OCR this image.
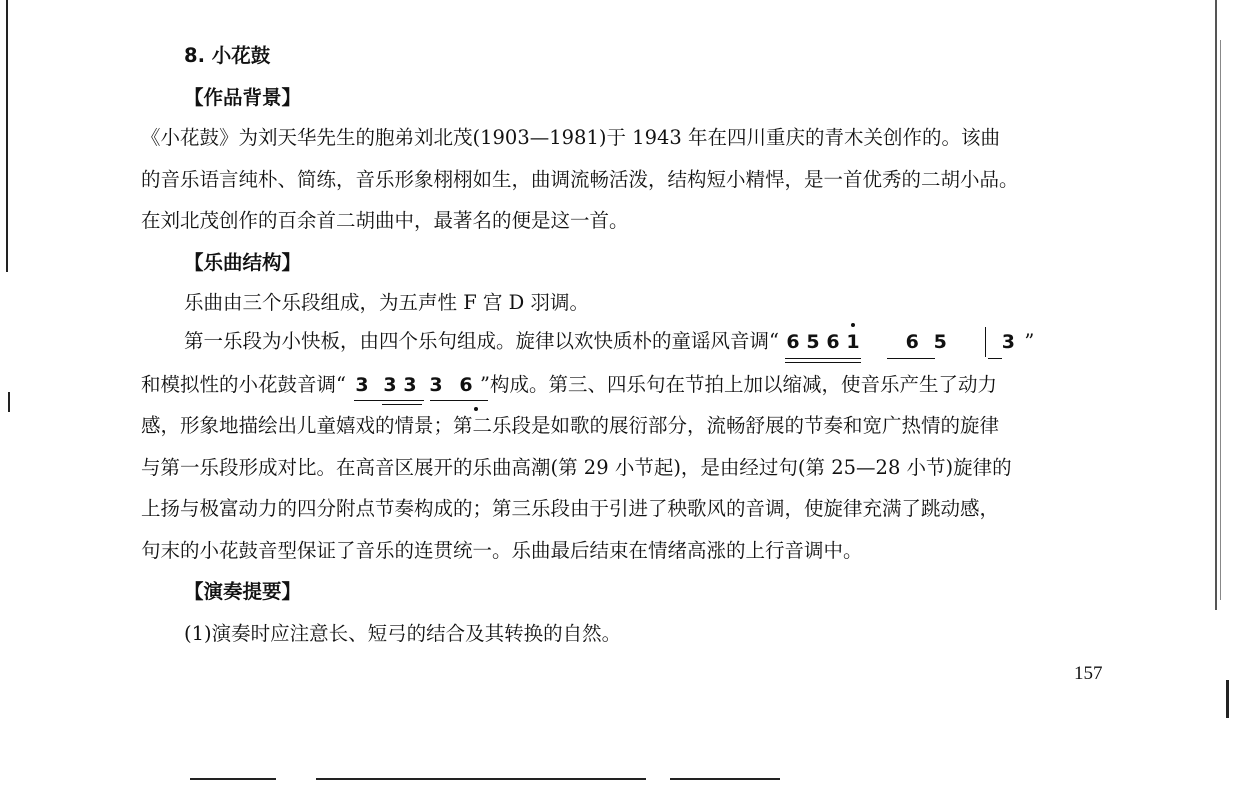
8. 小花鼓
【作品背景】
《小花鼓》为刘天华先生的胞弟刘北茂(1903—1981)于 1943 年在四川重庆的青木关创作的。该曲
的音乐语言纯朴、简练，音乐形象栩栩如生，曲调流畅活泼，结构短小精悍，是一首优秀的二胡小品。
在刘北茂创作的百余首二胡曲中，最著名的便是这一首。
【乐曲结构】
乐曲由三个乐段组成，为五声性 F 宫 D 羽调。
第一乐段为小快板，由四个乐句组成。旋律以欢快质朴的童谣风音调“ 6 5 6 1 6 5	3 ”
和模拟性的小花鼓音调“ 3 3 3 3 6 ”构成。第三、四乐句在节拍上加以缩减，使音乐产生了动力
感，形象地描绘出儿童嬉戏的情景；第二乐段是如歌的展衍部分，流畅舒展的节奏和宽广热情的旋律
与第一乐段形成对比。在高音区展开的乐曲高潮(第 29 小节起)，是由经过句(第 25—28 小节)旋律的
上扬与极富动力的四分附点节奏构成的；第三乐段由于引进了秧歌风的音调，使旋律充满了跳动感，
句末的小花鼓音型保证了音乐的连贯统一。乐曲最后结束在情绪高涨的上行音调中。
【演奏提要】
(1)演奏时应注意长、短弓的结合及其转换的自然。
157
